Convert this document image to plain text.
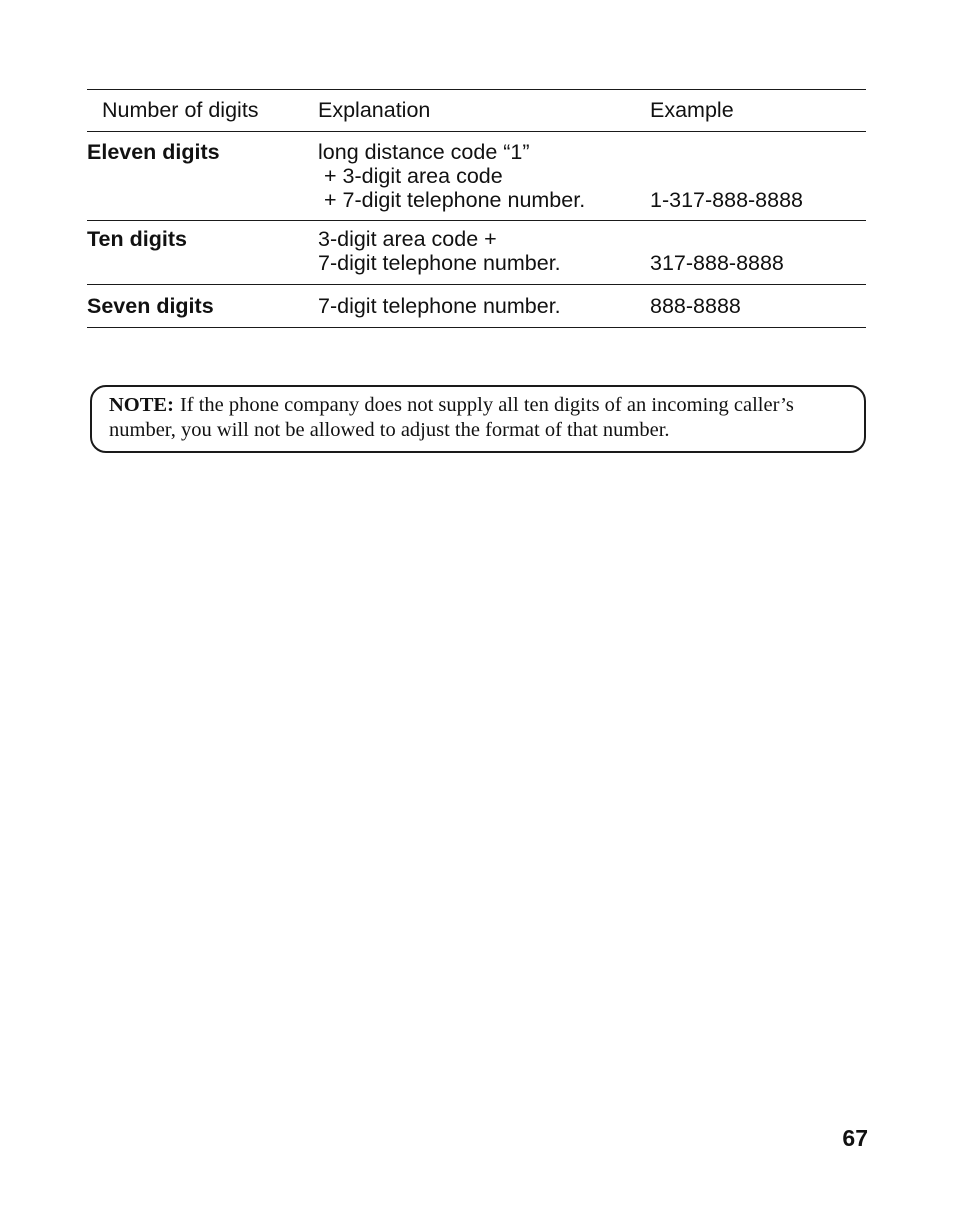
Number of digits	Explanation	Example
Eleven digits	long distance code “1”
+ 3-digit area code
+ 7-digit telephone number.	1-317-888-8888
Ten digits	3-digit area code +
7-digit telephone number.	317-888-8888
Seven digits	7-digit telephone number.	888-8888
NOTE: If the phone company does not supply all ten digits of an incoming caller’s number, you will not be allowed to adjust the format of that number.
67
